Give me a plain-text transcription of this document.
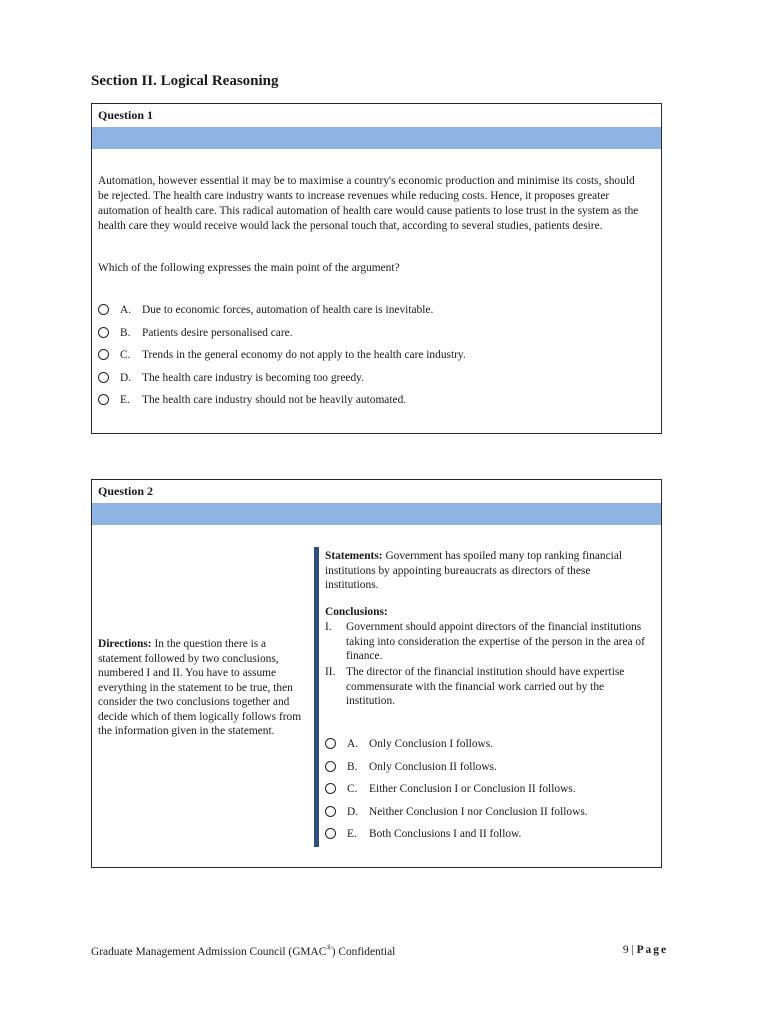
Section II. Logical Reasoning
Question 1
Automation, however essential it may be to maximise a country's economic production and minimise its costs, should be rejected. The health care industry wants to increase revenues while reducing costs. Hence, it proposes greater automation of health care. This radical automation of health care would cause patients to lose trust in the system as the health care they would receive would lack the personal touch that, according to several studies, patients desire.
Which of the following expresses the main point of the argument?
A. Due to economic forces, automation of health care is inevitable.
B. Patients desire personalised care.
C. Trends in the general economy do not apply to the health care industry.
D. The health care industry is becoming too greedy.
E. The health care industry should not be heavily automated.
Question 2
Directions: In the question there is a statement followed by two conclusions, numbered I and II. You have to assume everything in the statement to be true, then consider the two conclusions together and decide which of them logically follows from the information given in the statement.
Statements: Government has spoiled many top ranking financial institutions by appointing bureaucrats as directors of these institutions.
Conclusions:
I. Government should appoint directors of the financial institutions taking into consideration the expertise of the person in the area of finance.
II. The director of the financial institution should have expertise commensurate with the financial work carried out by the institution.
A. Only Conclusion I follows.
B. Only Conclusion II follows.
C. Either Conclusion I or Conclusion II follows.
D. Neither Conclusion I nor Conclusion II follows.
E. Both Conclusions I and II follow.
Graduate Management Admission Council (GMAC®) Confidential	9 | Page
